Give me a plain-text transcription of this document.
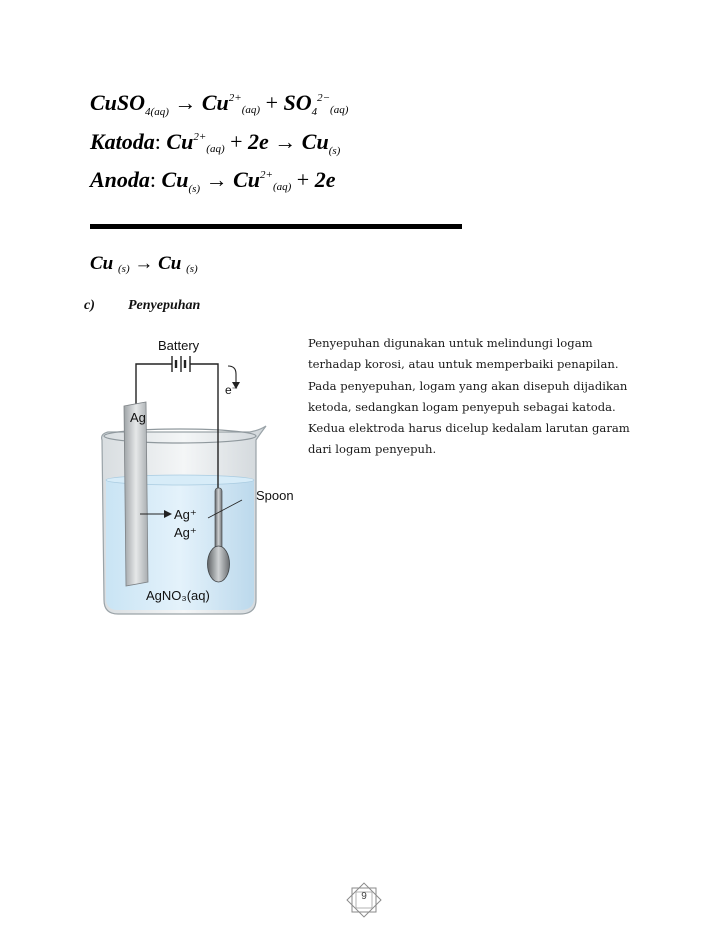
CuSO$_{4(aq)}$ → $Cu^{2+}(aq) + SO_4^{2-}(aq)$
Katoda: $Cu^{2+}(aq) + 2e \to Cu_{(s)}$
Anoda: $Cu_{(s)} \to Cu^{2+}(aq) + 2e$
Cu (s) → Cu (s)
c) Penyepuhan
Penyepuhan digunakan untuk melindungi logam
terhadap korosi, atau untuk memperbaiki penapilan.
Pada penyepuhan, logam yang akan disepuh dijadikan
ketoda, sedangkan logam penyepuh sebagai katoda.
Kedua elektroda harus dicelup kedalam larutan garam
dari logam penyepuh.
Battery
e⁻
Ag
Ag⁺
Ag⁺
Spoon
AgNO₃(aq)
9
